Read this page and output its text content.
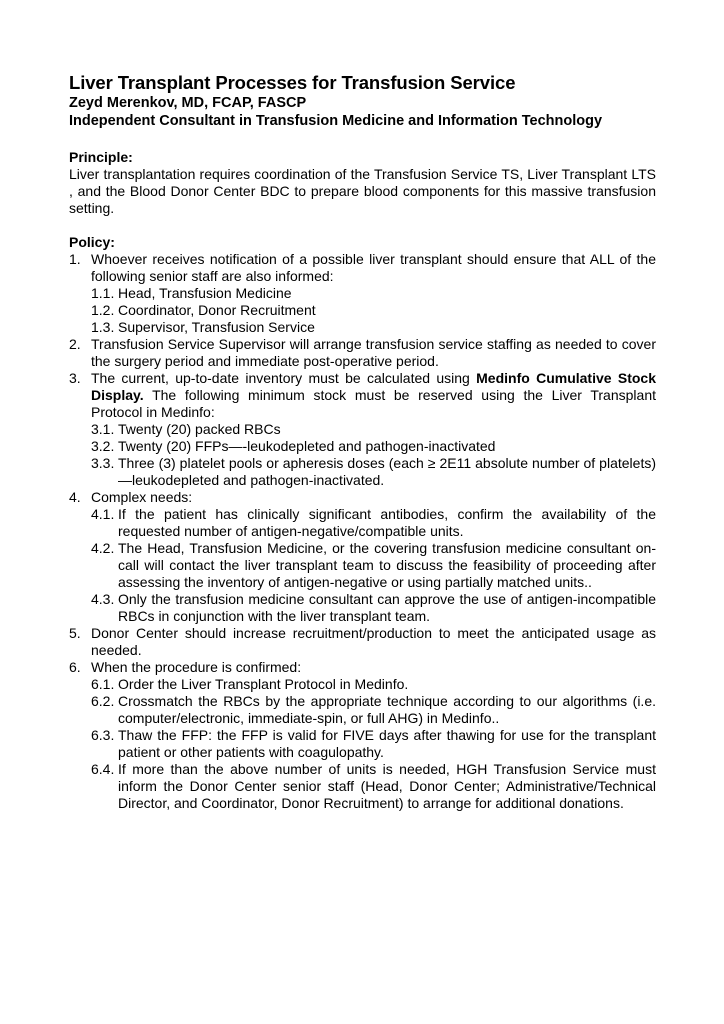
Liver Transplant Processes for Transfusion Service

Zeyd Merenkov, MD, FCAP, FASCP

Independent Consultant in Transfusion Medicine and Information Technology

Principle:

Liver transplantation requires coordination of the Transfusion Service TS, Liver Transplant LTS , and the Blood Donor Center BDC to prepare blood components for this massive transfusion setting.

Policy:
1. Whoever receives notification of a possible liver transplant should ensure that ALL of the following senior staff are also informed:
1.1. Head, Transfusion Medicine
1.2. Coordinator, Donor Recruitment
1.3. Supervisor, Transfusion Service
2. Transfusion Service Supervisor will arrange transfusion service staffing as needed to cover the surgery period and immediate post-operative period.
3. The current, up-to-date inventory must be calculated using Medinfo Cumulative Stock Display. The following minimum stock must be reserved using the Liver Transplant Protocol in Medinfo:
3.1. Twenty (20) packed RBCs
3.2. Twenty (20) FFPs—-leukodepleted and pathogen-inactivated
3.3. Three (3) platelet pools or apheresis doses (each ≥ 2E11 absolute number of platelets)—leukodepleted and pathogen-inactivated.
4. Complex needs:
4.1. If the patient has clinically significant antibodies, confirm the availability of the requested number of antigen-negative/compatible units.
4.2. The Head, Transfusion Medicine, or the covering transfusion medicine consultant on-call will contact the liver transplant team to discuss the feasibility of proceeding after assessing the inventory of antigen-negative or using partially matched units..
4.3. Only the transfusion medicine consultant can approve the use of antigen-incompatible RBCs in conjunction with the liver transplant team.
5. Donor Center should increase recruitment/production to meet the anticipated usage as needed.
6. When the procedure is confirmed:
6.1. Order the Liver Transplant Protocol in Medinfo.
6.2. Crossmatch the RBCs by the appropriate technique according to our algorithms (i.e. computer/electronic, immediate-spin, or full AHG) in Medinfo..
6.3. Thaw the FFP: the FFP is valid for FIVE days after thawing for use for the transplant patient or other patients with coagulopathy.
6.4. If more than the above number of units is needed, HGH Transfusion Service must inform the Donor Center senior staff (Head, Donor Center; Administrative/Technical Director, and Coordinator, Donor Recruitment) to arrange for additional donations.
